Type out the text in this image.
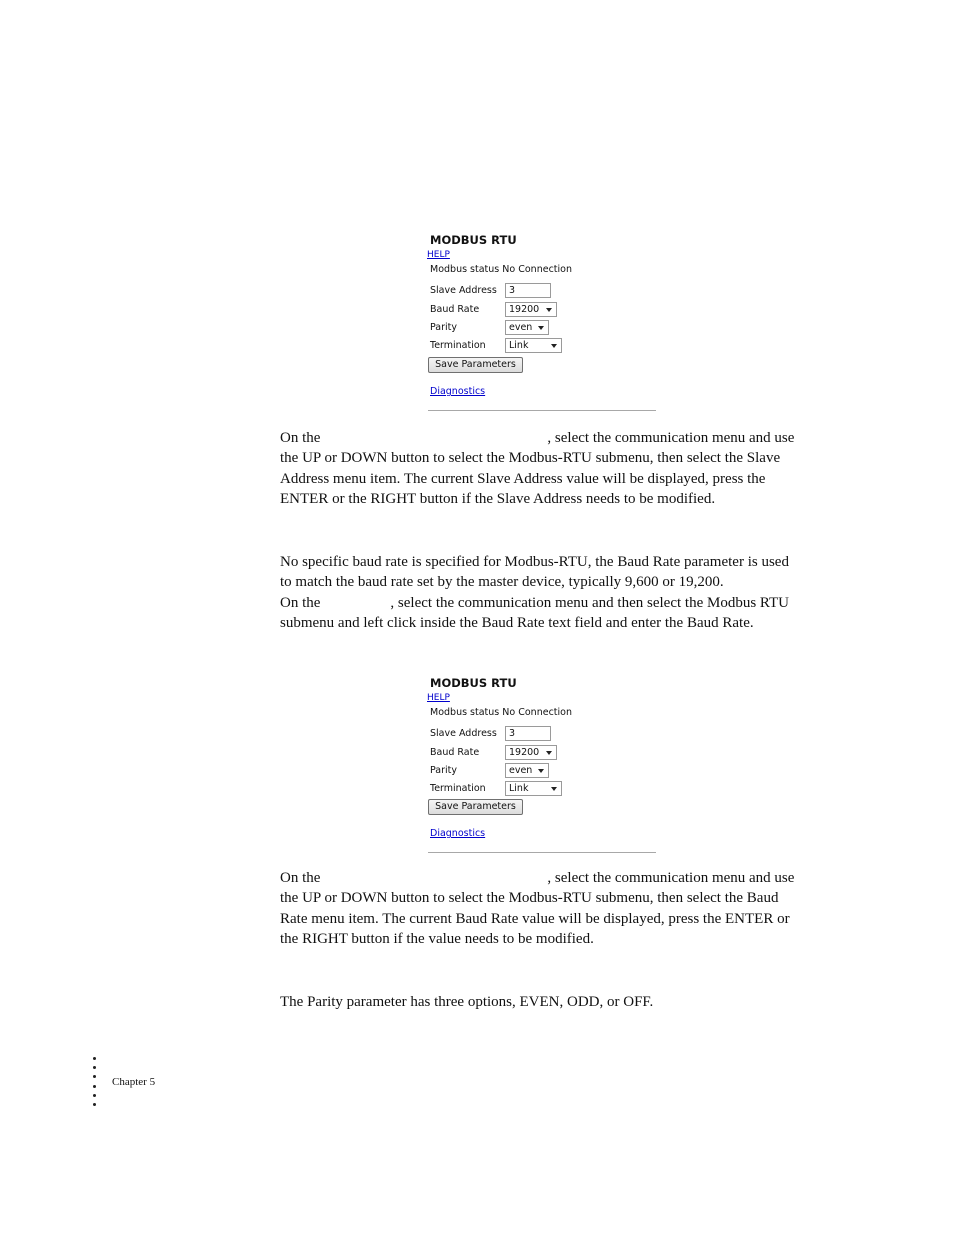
MODBUS RTU
HELP
Modbus status No Connection
Slave Address	3
Baud Rate	19200
Parity	even
Termination	Link
Save Parameters
Diagnostics
On the	, select the communication menu and use
the UP or DOWN button to select the Modbus-RTU submenu, then select the Slave
Address menu item. The current Slave Address value will be displayed, press the
ENTER or the RIGHT button if the Slave Address needs to be modified.
No specific baud rate is specified for Modbus-RTU, the Baud Rate parameter is used
to match the baud rate set by the master device, typically 9,600 or 19,200.
On the	, select the communication menu and then select the Modbus RTU
submenu and left click inside the Baud Rate text field and enter the Baud Rate.
MODBUS RTU
HELP
Modbus status No Connection
Slave Address	3
Baud Rate	19200
Parity	even
Termination	Link
Save Parameters
Diagnostics
On the	, select the communication menu and use
the UP or DOWN button to select the Modbus-RTU submenu, then select the Baud
Rate menu item. The current Baud Rate value will be displayed, press the ENTER or
the RIGHT button if the value needs to be modified.
The Parity parameter has three options, EVEN, ODD, or OFF.
Chapter 5
